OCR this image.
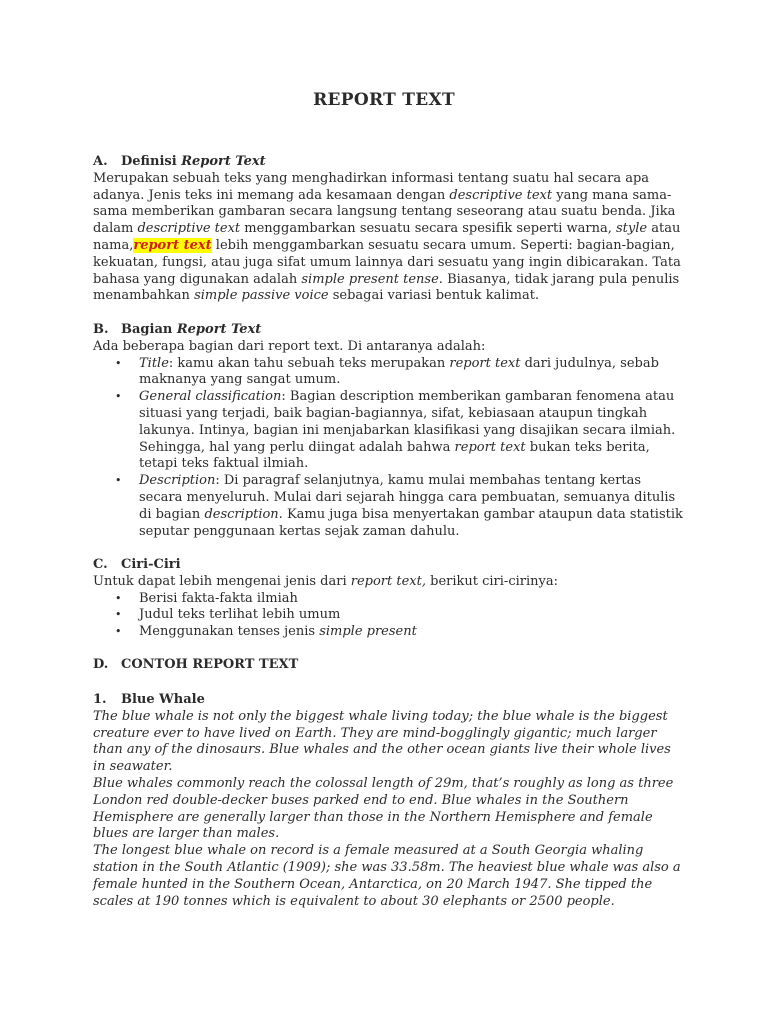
REPORT TEXT
A. Definisi Report Text

Merupakan sebuah teks yang menghadirkan informasi tentang suatu hal secara apa adanya. Jenis teks ini memang ada kesamaan dengan descriptive text yang mana sama-sama memberikan gambaran secara langsung tentang seseorang atau suatu benda. Jika dalam descriptive text menggambarkan sesuatu secara spesifik seperti warna, style atau nama,report text lebih menggambarkan sesuatu secara umum. Seperti: bagian-bagian, kekuatan, fungsi, atau juga sifat umum lainnya dari sesuatu yang ingin dibicarakan. Tata bahasa yang digunakan adalah simple present tense. Biasanya, tidak jarang pula penulis menambahkan simple passive voice sebagai variasi bentuk kalimat.

B. Bagian Report Text

Ada beberapa bagian dari report text. Di antaranya adalah:

• Title: kamu akan tahu sebuah teks merupakan report text dari judulnya, sebab maknanya yang sangat umum.
• General classification: Bagian description memberikan gambaran fenomena atau situasi yang terjadi, baik bagian-bagiannya, sifat, kebiasaan ataupun tingkah lakunya. Intinya, bagian ini menjabarkan klasifikasi yang disajikan secara ilmiah. Sehingga, hal yang perlu diingat adalah bahwa report text bukan teks berita, tetapi teks faktual ilmiah.
• Description: Di paragraf selanjutnya, kamu mulai membahas tentang kertas secara menyeluruh. Mulai dari sejarah hingga cara pembuatan, semuanya ditulis di bagian description. Kamu juga bisa menyertakan gambar ataupun data statistik seputar penggunaan kertas sejak zaman dahulu.
C. Ciri-Ciri

Untuk dapat lebih mengenai jenis dari report text, berikut ciri-cirinya:

• Berisi fakta-fakta ilmiah
• Judul teks terlihat lebih umum
• Menggunakan tenses jenis simple present
D. CONTOH REPORT TEXT
1. Blue Whale

The blue whale is not only the biggest whale living today; the blue whale is the biggest creature ever to have lived on Earth. They are mind-bogglingly gigantic; much larger than any of the dinosaurs. Blue whales and the other ocean giants live their whole lives in seawater.

Blue whales commonly reach the colossal length of 29m, that’s roughly as long as three London red double-decker buses parked end to end. Blue whales in the Southern Hemisphere are generally larger than those in the Northern Hemisphere and female blues are larger than males.

The longest blue whale on record is a female measured at a South Georgia whaling station in the South Atlantic (1909); she was 33.58m. The heaviest blue whale was also a female hunted in the Southern Ocean, Antarctica, on 20 March 1947. She tipped the scales at 190 tonnes which is equivalent to about 30 elephants or 2500 people.
